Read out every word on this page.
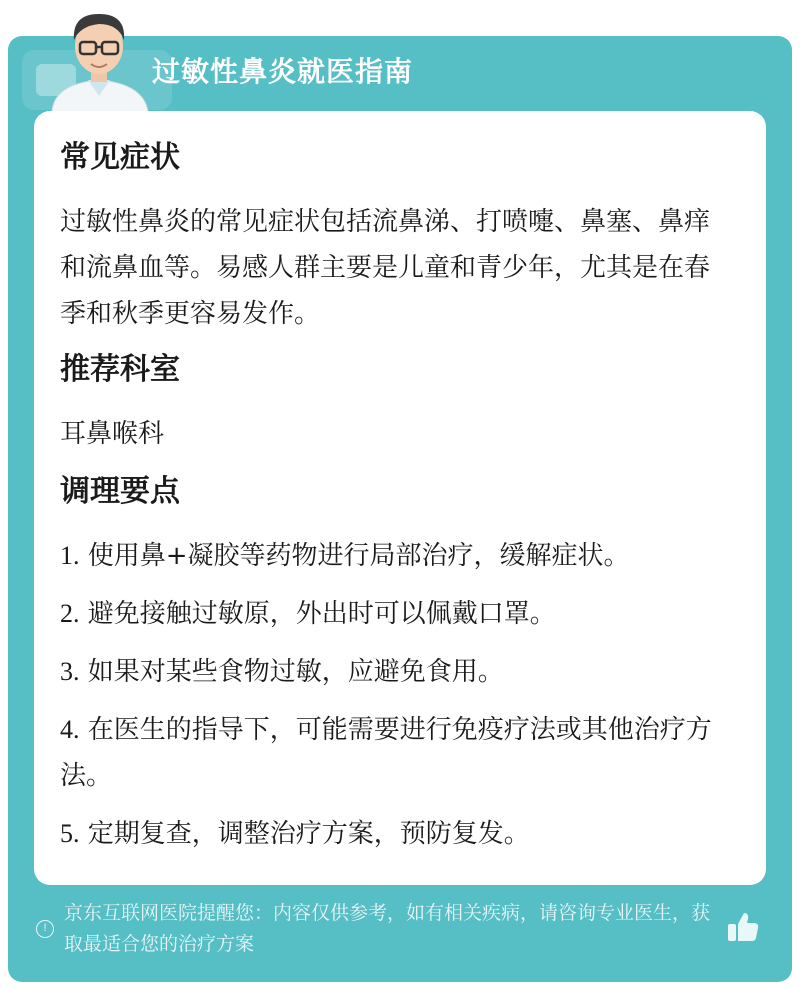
过敏性鼻炎就医指南
常见症状

过敏性鼻炎的常见症状包括流鼻涕、打喷嚏、鼻塞、鼻痒和流鼻血等。易感人群主要是儿童和青少年，尤其是在春季和秋季更容易发作。

推荐科室

耳鼻喉科

调理要点
1. 使用鼻+凝胶等药物进行局部治疗，缓解症状。
2. 避免接触过敏原，外出时可以佩戴口罩。
3. 如果对某些食物过敏，应避免食用。
4. 在医生的指导下，可能需要进行免疫疗法或其他治疗方法。
5. 定期复查，调整治疗方案，预防复发。
!
京东互联网医院提醒您：内容仅供参考，如有相关疾病，请咨询专业医生，获取最适合您的治疗方案
